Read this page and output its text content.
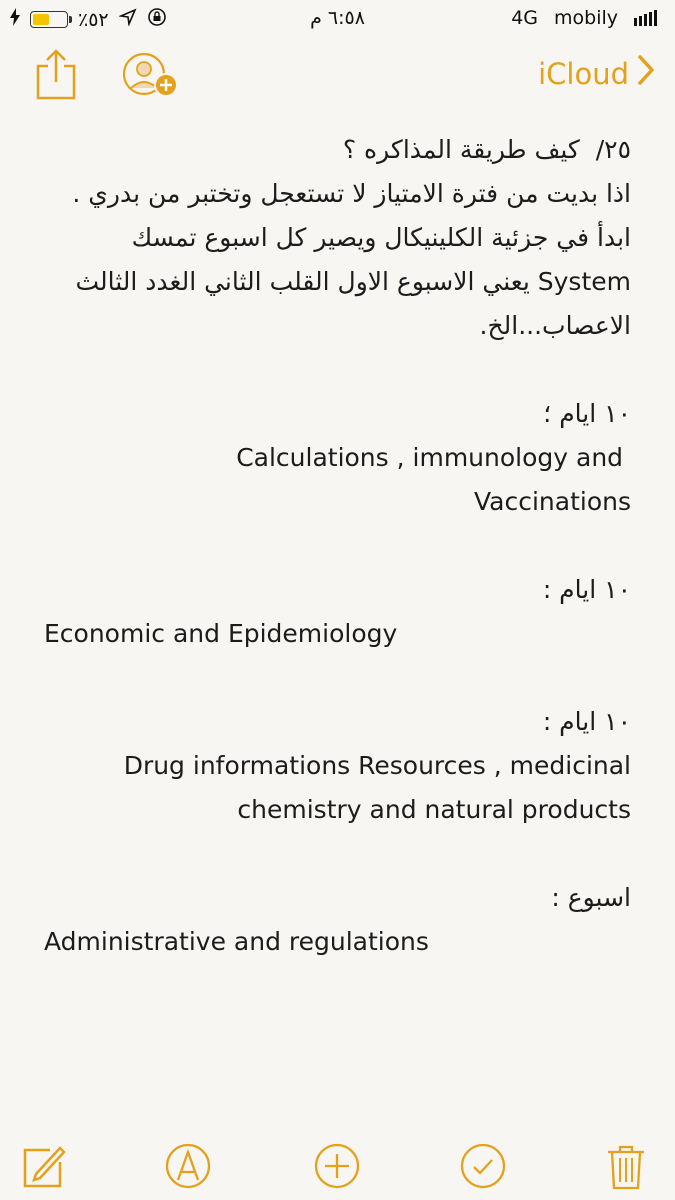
٪٥٢	٦:٥٨ م	4G mobily
iCloud
٢٥/  كيف طريقة المذاكره ؟
اذا بديت من فترة الامتياز لا تستعجل وتختبر من بدري .
ابدأ في جزئية الكلينيكال ويصير كل اسبوع تمسك System يعني الاسبوع الاول القلب الثاني الغدد الثالث الاعصاب...الخ.
١٠ ايام ؛
Calculations , immunology and
Vaccinations
١٠ ايام :
Economic and Epidemiology
١٠ ايام :
Drug informations Resources , medicinal
chemistry and natural products
اسبوع :
Administrative and regulations
